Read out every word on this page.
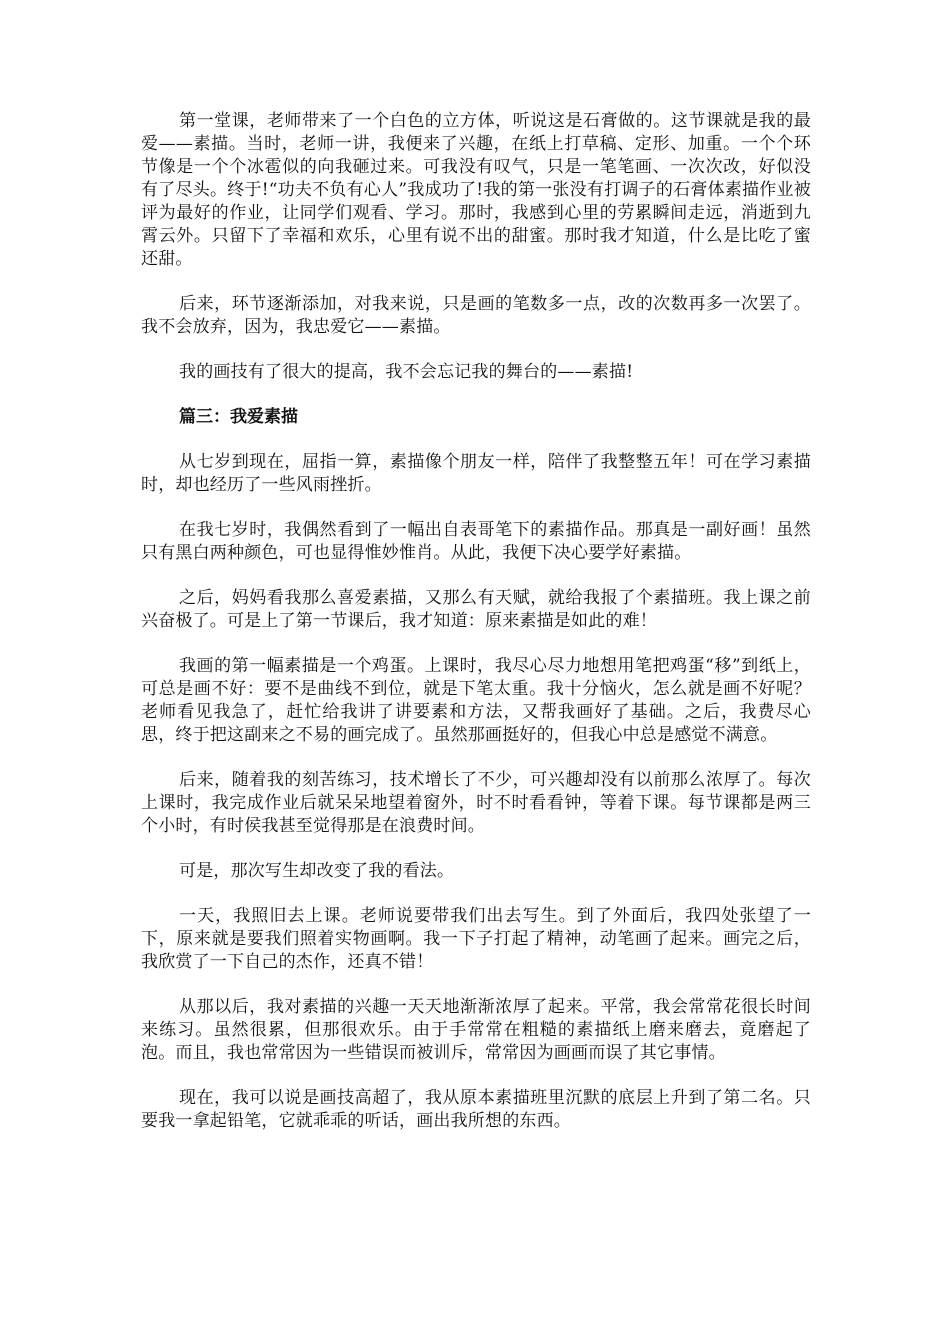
第一堂课，老师带来了一个白色的立方体，听说这是石膏做的。这节课就是我的最爱——素描。当时，老师一讲，我便来了兴趣，在纸上打草稿、定形、加重。一个个环节像是一个个冰雹似的向我砸过来。可我没有叹气，只是一笔笔画、一次次改，好似没有了尽头。终于!“功夫不负有心人”我成功了!我的第一张没有打调子的石膏体素描作业被评为最好的作业，让同学们观看、学习。那时，我感到心里的劳累瞬间走远，消逝到九霄云外。只留下了幸福和欢乐，心里有说不出的甜蜜。那时我才知道，什么是比吃了蜜还甜。

后来，环节逐渐添加，对我来说，只是画的笔数多一点，改的次数再多一次罢了。我不会放弃，因为，我忠爱它——素描。

我的画技有了很大的提高，我不会忘记我的舞台的——素描!

篇三：我爱素描

从七岁到现在，屈指一算，素描像个朋友一样，陪伴了我整整五年！可在学习素描时，却也经历了一些风雨挫折。

在我七岁时，我偶然看到了一幅出自表哥笔下的素描作品。那真是一副好画！虽然只有黑白两种颜色，可也显得惟妙惟肖。从此，我便下决心要学好素描。

之后，妈妈看我那么喜爱素描，又那么有天赋，就给我报了个素描班。我上课之前兴奋极了。可是上了第一节课后，我才知道：原来素描是如此的难！

我画的第一幅素描是一个鸡蛋。上课时，我尽心尽力地想用笔把鸡蛋“移”到纸上，可总是画不好：要不是曲线不到位，就是下笔太重。我十分恼火，怎么就是画不好呢？老师看见我急了，赶忙给我讲了讲要素和方法，又帮我画好了基础。之后，我费尽心思，终于把这副来之不易的画完成了。虽然那画挺好的，但我心中总是感觉不满意。

后来，随着我的刻苦练习，技术增长了不少，可兴趣却没有以前那么浓厚了。每次上课时，我完成作业后就呆呆地望着窗外，时不时看看钟，等着下课。每节课都是两三个小时，有时侯我甚至觉得那是在浪费时间。

可是，那次写生却改变了我的看法。

一天，我照旧去上课。老师说要带我们出去写生。到了外面后，我四处张望了一下，原来就是要我们照着实物画啊。我一下子打起了精神，动笔画了起来。画完之后，我欣赏了一下自己的杰作，还真不错！

从那以后，我对素描的兴趣一天天地渐渐浓厚了起来。平常，我会常常花很长时间来练习。虽然很累，但那很欢乐。由于手常常在粗糙的素描纸上磨来磨去，竟磨起了泡。而且，我也常常因为一些错误而被训斥，常常因为画画而误了其它事情。

现在，我可以说是画技高超了，我从原本素描班里沉默的底层上升到了第二名。只要我一拿起铅笔，它就乖乖的听话，画出我所想的东西。
